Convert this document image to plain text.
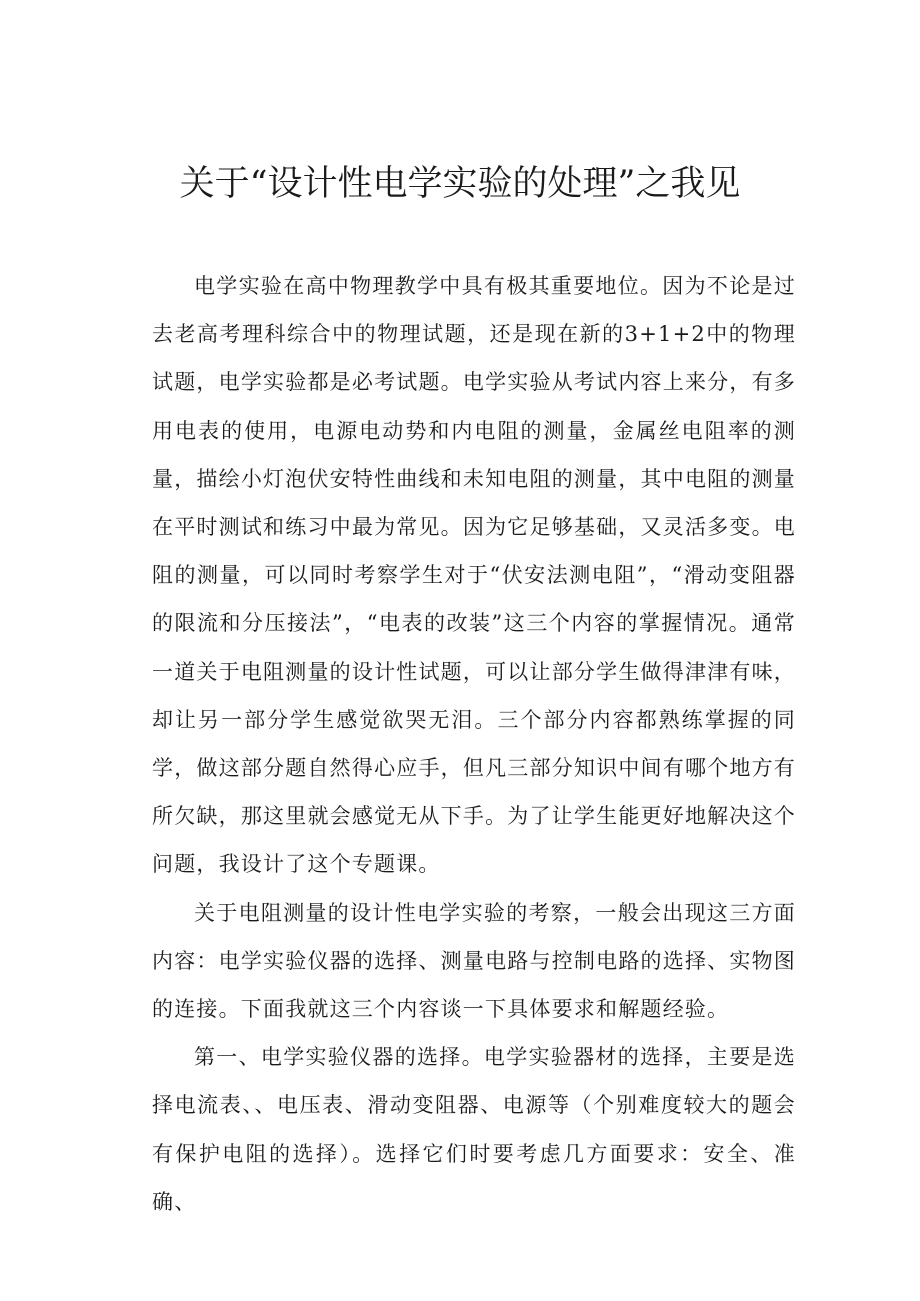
关于“设计性电学实验的处理”之我见

电学实验在高中物理教学中具有极其重要地位。因为不论是过去老高考理科综合中的物理试题，还是现在新的3+1+2中的物理试题，电学实验都是必考试题。电学实验从考试内容上来分，有多用电表的使用，电源电动势和内电阻的测量，金属丝电阻率的测量，描绘小灯泡伏安特性曲线和未知电阻的测量，其中电阻的测量在平时测试和练习中最为常见。因为它足够基础，又灵活多变。电阻的测量，可以同时考察学生对于“伏安法测电阻”，“滑动变阻器的限流和分压接法”，“电表的改装”这三个内容的掌握情况。通常一道关于电阻测量的设计性试题，可以让部分学生做得津津有味，却让另一部分学生感觉欲哭无泪。三个部分内容都熟练掌握的同学，做这部分题自然得心应手，但凡三部分知识中间有哪个地方有所欠缺，那这里就会感觉无从下手。为了让学生能更好地解决这个问题，我设计了这个专题课。

关于电阻测量的设计性电学实验的考察，一般会出现这三方面内容：电学实验仪器的选择、测量电路与控制电路的选择、实物图的连接。下面我就这三个内容谈一下具体要求和解题经验。

第一、电学实验仪器的选择。电学实验器材的选择，主要是选择电流表、、电压表、滑动变阻器、电源等（个别难度较大的题会有保护电阻的选择）。选择它们时要考虑几方面要求：安全、准确、
